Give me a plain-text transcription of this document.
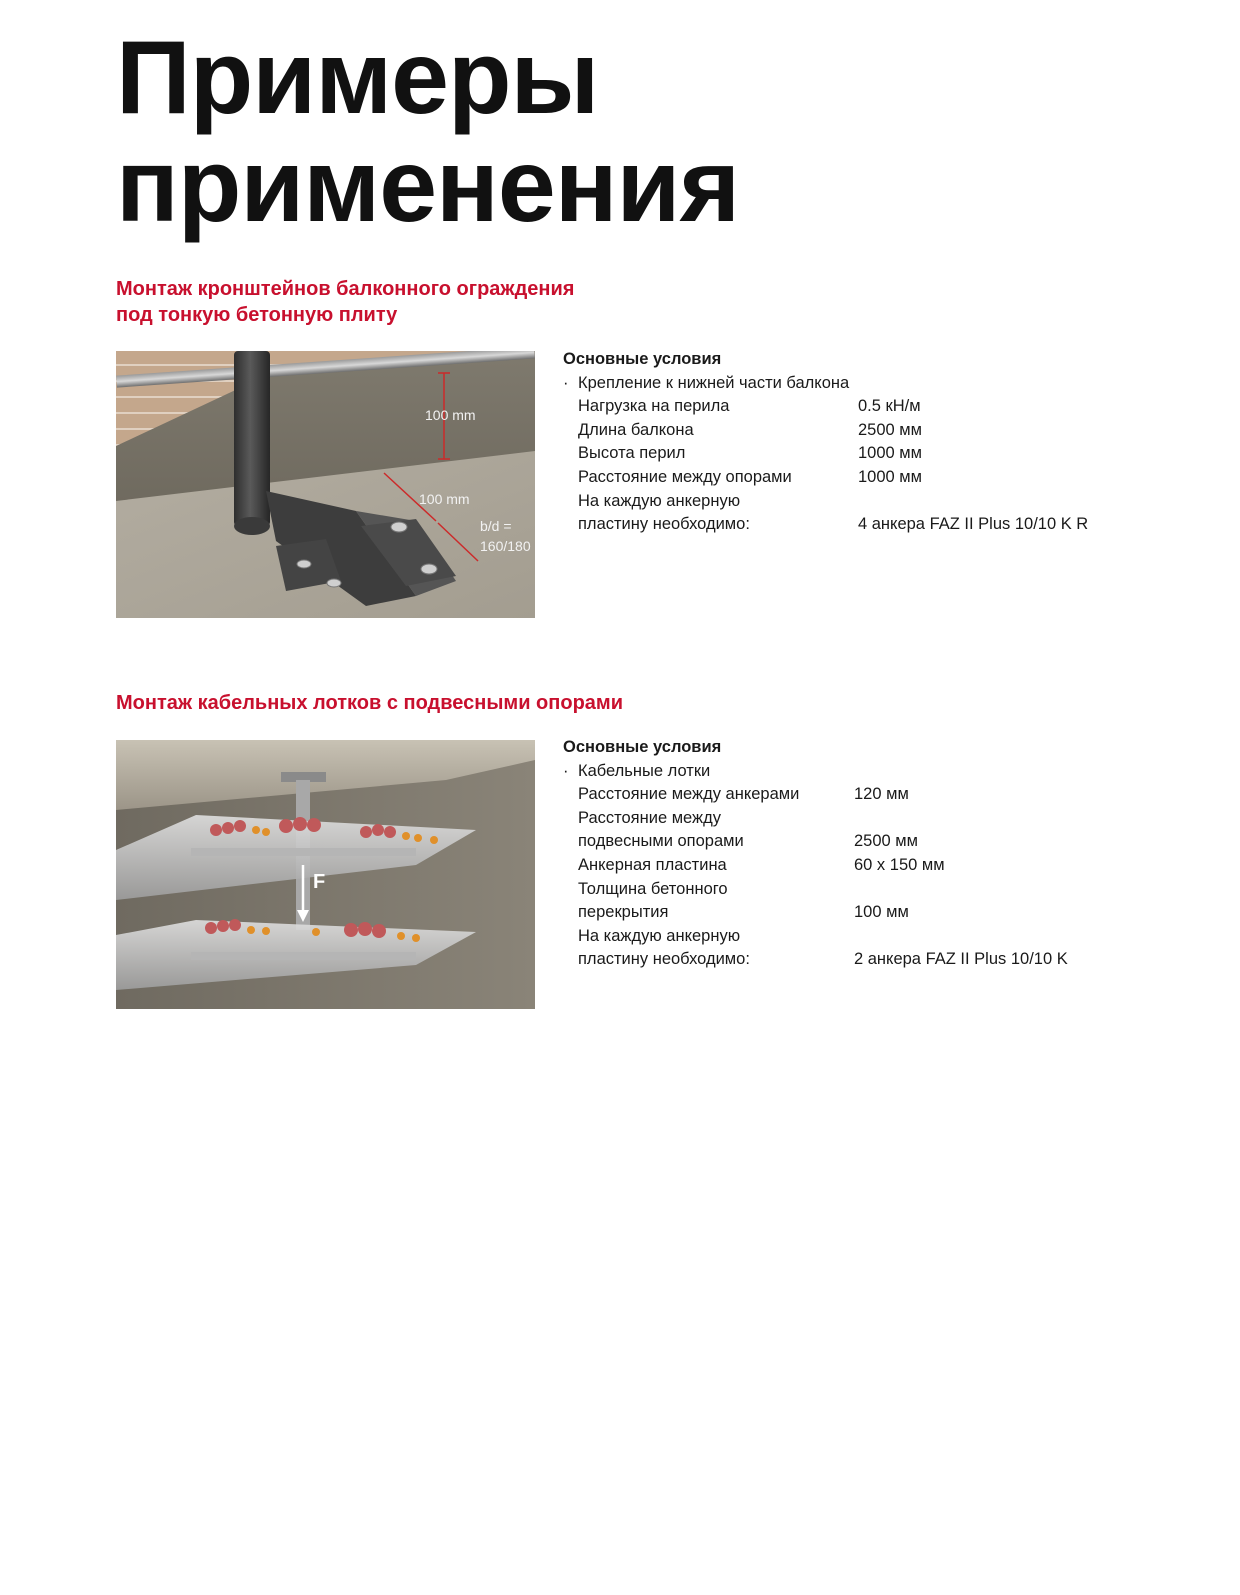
Примеры
применения
Монтаж кронштейнов балконного ограждения
под тонкую бетонную плиту
100 mm
100 mm
b/d =
160/180
Основные условия
· Крепление к нижней части балкона
Нагрузка на перила	0.5 кН/м
Длина балкона	2500 мм
Высота перил	1000 мм
Расстояние между опорами	1000 мм
На каждую анкерную
пластину необходимо:	4 анкера FAZ II Plus 10/10 K R
Монтаж кабельных лотков с подвесными опорами
F
Основные условия
· Кабельные лотки
Расстояние между анкерами	120 мм
Расстояние между
подвесными опорами	2500 мм
Анкерная пластина	60 x 150 мм
Толщина бетонного
перекрытия	100 мм
На каждую анкерную
пластину необходимо:	2 анкера FAZ II Plus 10/10 K
